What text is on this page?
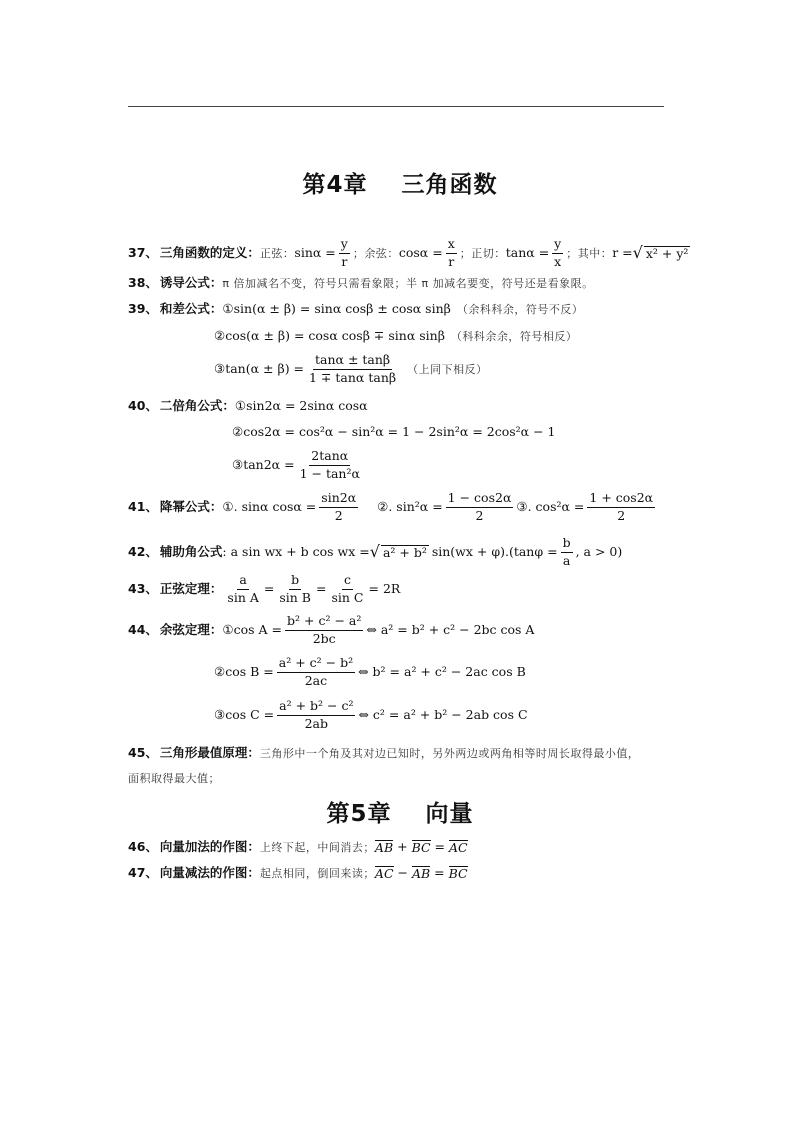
第4章 三角函数
37、 三角函数的定义： 正弦： $\sin\alpha = \frac{y}{r}$ ； 余弦： $\cos\alpha = \frac{x}{r}$ ； 正切： $\tan\alpha = \frac{y}{x}$ ； 其中： r = √ x² + y²
38、 诱导公式： π 倍加减名不变，符号只需看象限；半 π 加减名要变，符号还是看象限。
39、 和差公式： ①sin(α ± β) = sinα cosβ ± cosα sinβ （余科科余，符号不反）
②cos(α ± β) = cosα cosβ ∓ sinα sinβ （科科余余，符号相反）
③tan(α ± $\beta) = \frac{\tan\alpha \pm \tan\beta}{\text{1 ∓ tanα tanβ}}$ （上同下相反）
40、 二倍角公式： ①sin2α = 2sinα cosα
②cos2α = cos²α − sin²α = 1 − 2sin²α = 2cos²α − 1
③tan2α = $\frac{2\tan\alpha}{\text{1 − tan²α}}$
41、 降幂公式： ①. sinα $\cos\alpha = \frac{\sin 2\alpha}{2}$ ②. $\sin^2\alpha = \frac{1 - \cos 2\alpha}{2}$ ③. $\cos^2\alpha = \frac{1 + \cos 2\alpha}{2}$
42、 辅助角公式 : a sin wx + b cos wx = √ a² + b² $\sin(wx + \varphi).(\tan\varphi = \frac{b}{a}$ , a > 0)
43、 正弦定理： $\frac{a}{\text{sin A}} = \frac{b}{\text{sin B}} = \frac{c}{\text{sin C}} = 2R$
44、 余弦定理： ①cos $A = \frac{\text{b² + c² − a²}}{2bc}$ ⇔ a² = b² + c² − 2bc cos A
②cos $B = \frac{\text{a² + c² − b²}}{2ac}$ ⇔ b² = a² + c² − 2ac cos B
③cos $C = \frac{\text{a² + b² − c²}}{2ab}$ ⇔ c² = a² + b² − 2ab cos C
45、 三角形最值原理： 三角形中一个角及其对边已知时，另外两边或两角相等时周长取得最小值，
面积取得最大值；
第5章 向量
46、 向量加法的作图： 上终下起，中间消去； AB + BC = AC
47、 向量减法的作图： 起点相同，倒回来读； AC − AB = BC
